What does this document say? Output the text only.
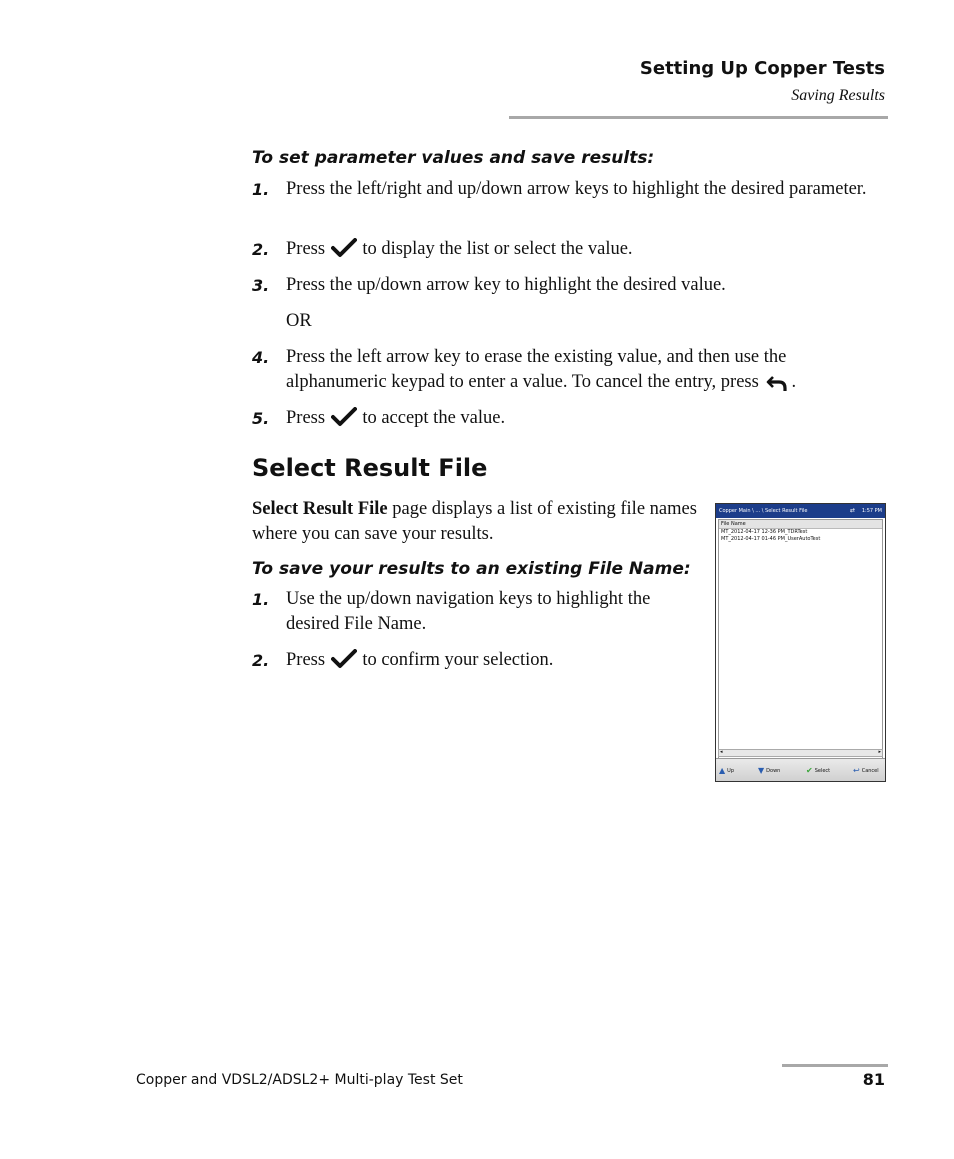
Setting Up Copper Tests
Saving Results
To set parameter values and save results:
1. Press the left/right and up/down arrow keys to highlight the desired parameter.
2. Press to display the list or select the value.
3. Press the up/down arrow key to highlight the desired value.
OR
4. Press the left arrow key to erase the existing value, and then use the alphanumeric keypad to enter a value. To cancel the entry, press .
5. Press to accept the value.
Select Result File
Select Result File page displays a list of existing file names where you can save your results.
To save your results to an existing File Name:
1. Use the up/down navigation keys to highlight the desired File Name.
2. Press to confirm your selection.
Copper Main \ ... \ Select Result File	⇄ 1:57 PM
File Name
MT_2012-04-17 12-36 PM_TDRTest
MT_2012-04-17 01-46 PM_UserAutoTest
◂	▸
▲ Up	▼ Down	✔ Select	↩ Cancel
Copper and VDSL2/ADSL2+ Multi-play Test Set	81
